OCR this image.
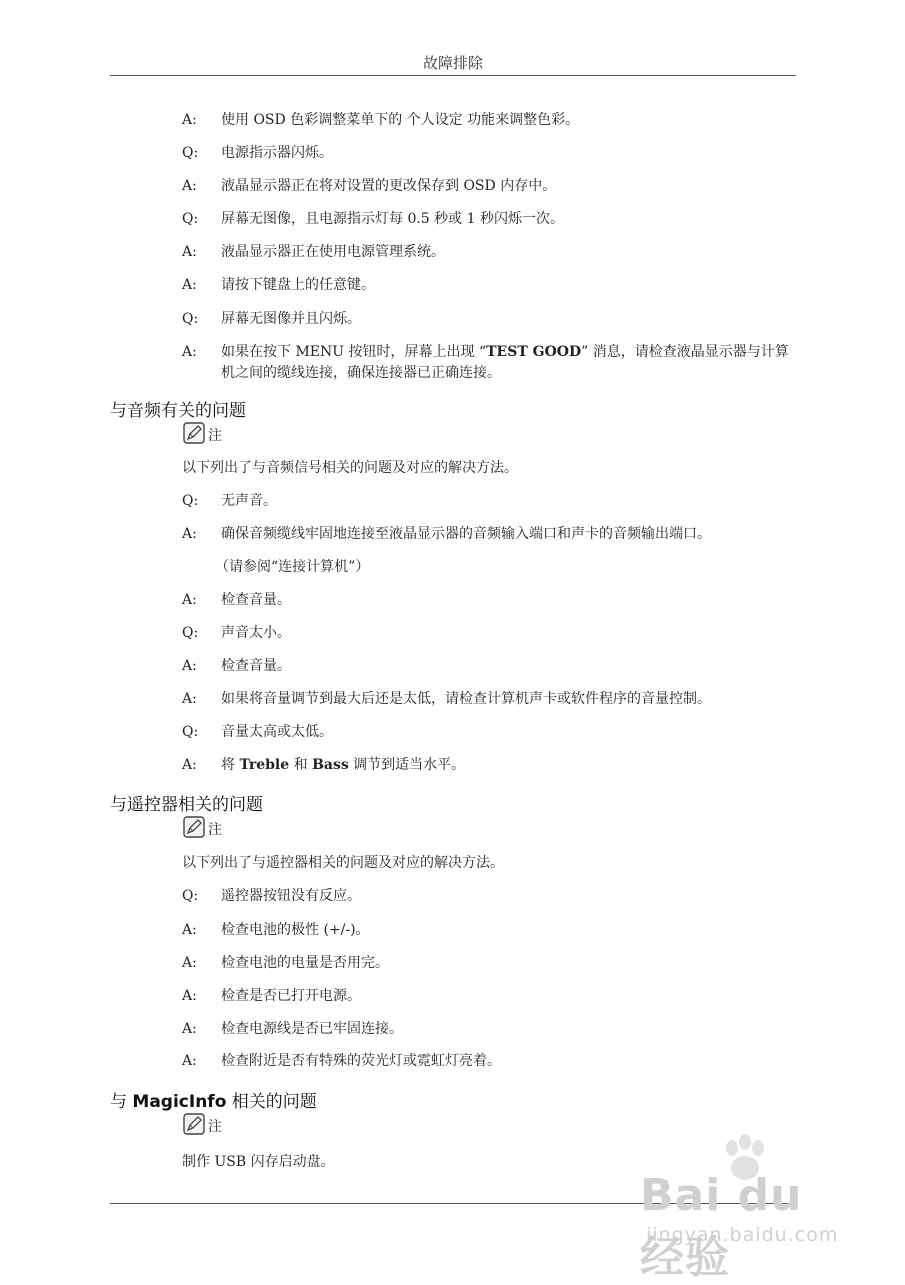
故障排除
A:	使用 OSD 色彩调整菜单下的 个人设定 功能来调整色彩。
Q:	电源指示器闪烁。
A:	液晶显示器正在将对设置的更改保存到 OSD 内存中。
Q:	屏幕无图像，且电源指示灯每 0.5 秒或 1 秒闪烁一次。
A:	液晶显示器正在使用电源管理系统。
A:	请按下键盘上的任意键。
Q:	屏幕无图像并且闪烁。
A:	如果在按下 MENU 按钮时，屏幕上出现 “TEST GOOD” 消息，请检查液晶显示器与计算机之间的缆线连接，确保连接器已正确连接。
与音频有关的问题
注
以下列出了与音频信号相关的问题及对应的解决方法。
Q:	无声音。
A:	确保音频缆线牢固地连接至液晶显示器的音频输入端口和声卡的音频输出端口。
（请参阅“连接计算机”）
A:	检查音量。
Q:	声音太小。
A:	检查音量。
A:	如果将音量调节到最大后还是太低，请检查计算机声卡或软件程序的音量控制。
Q:	音量太高或太低。
A:	将 Treble 和 Bass 调节到适当水平。
与遥控器相关的问题
注
以下列出了与遥控器相关的问题及对应的解决方法。
Q:	遥控器按钮没有反应。
A:	检查电池的极性 (+/-)。
A:	检查电池的电量是否用完。
A:	检查是否已打开电源。
A:	检查电源线是否已牢固连接。
A:	检查附近是否有特殊的荧光灯或霓虹灯亮着。
与 MagicInfo 相关的问题
注
制作 USB 闪存启动盘。
Bai du 经验
jingyan.baidu.com
